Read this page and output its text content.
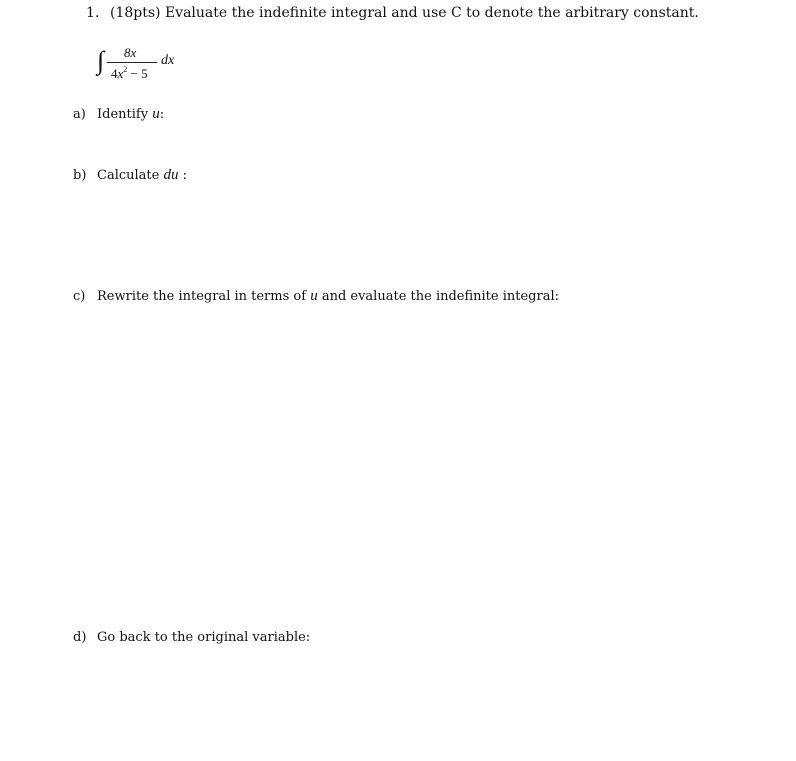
1. (18pts) Evaluate the indefinite integral and use C to denote the arbitrary constant.
∫ 8x
$4x^2 - 5$
dx
a) Identify u:
b) Calculate du :
c) Rewrite the integral in terms of u and evaluate the indefinite integral:
d) Go back to the original variable:
